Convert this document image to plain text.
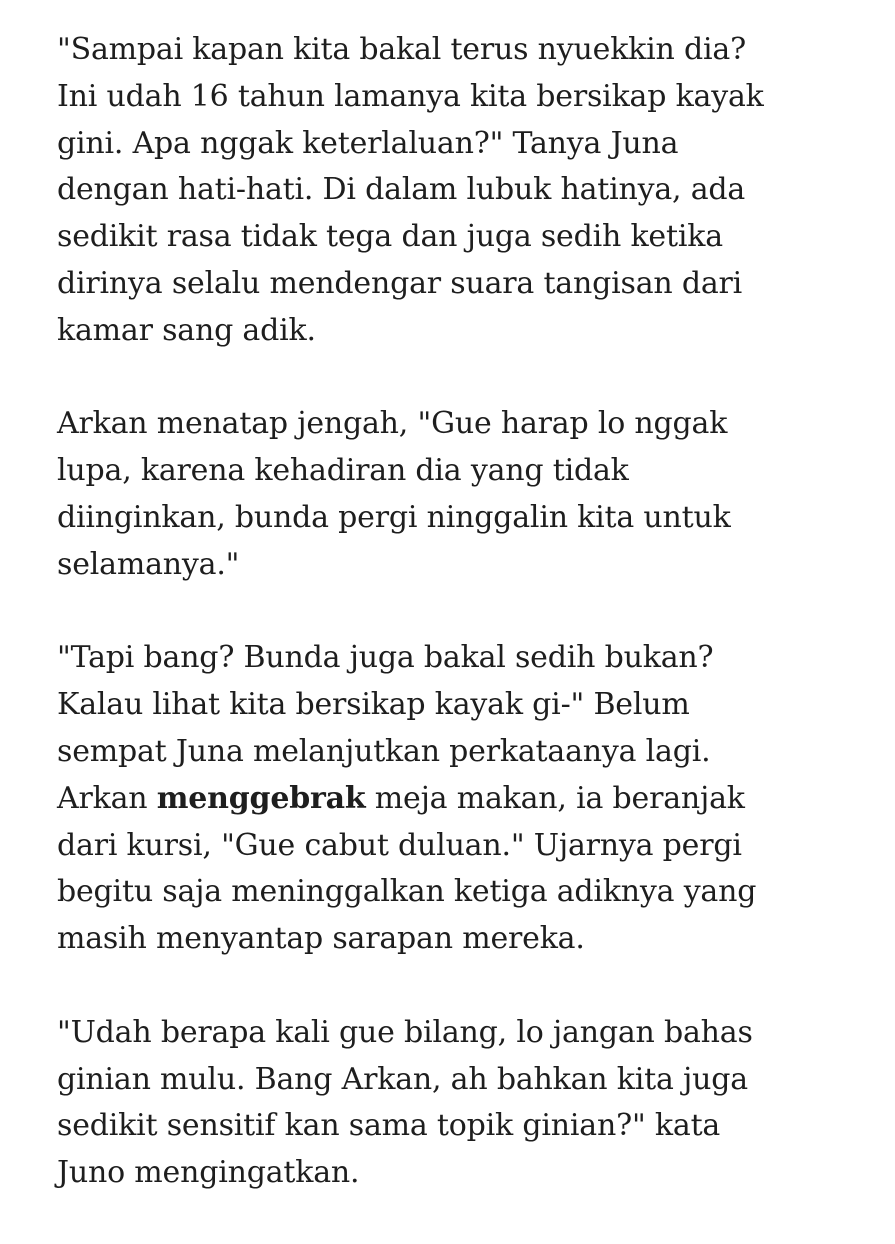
"Sampai kapan kita bakal terus nyuekkin dia?
Ini udah 16 tahun lamanya kita bersikap kayak
gini. Apa nggak keterlaluan?" Tanya Juna
dengan hati-hati. Di dalam lubuk hatinya, ada
sedikit rasa tidak tega dan juga sedih ketika
dirinya selalu mendengar suara tangisan dari
kamar sang adik.

Arkan menatap jengah, "Gue harap lo nggak
lupa, karena kehadiran dia yang tidak
diinginkan, bunda pergi ninggalin kita untuk
selamanya."

"Tapi bang? Bunda juga bakal sedih bukan?
Kalau lihat kita bersikap kayak gi-" Belum
sempat Juna melanjutkan perkataanya lagi.
Arkan menggebrak meja makan, ia beranjak
dari kursi, "Gue cabut duluan." Ujarnya pergi
begitu saja meninggalkan ketiga adiknya yang
masih menyantap sarapan mereka.

"Udah berapa kali gue bilang, lo jangan bahas
ginian mulu. Bang Arkan, ah bahkan kita juga
sedikit sensitif kan sama topik ginian?" kata
Juno mengingatkan.
